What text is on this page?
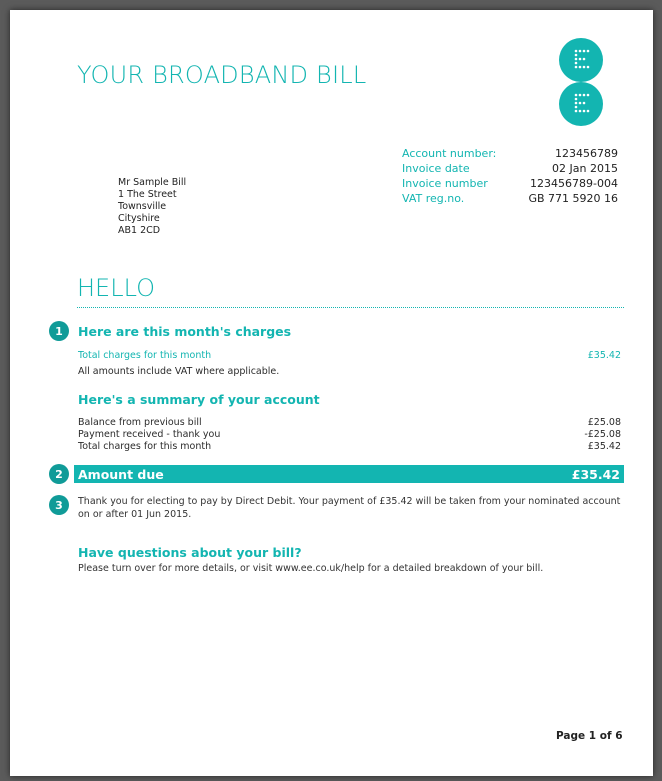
YOUR BROADBAND BILL
Account number:	123456789
Invoice date	02 Jan 2015
Invoice number	123456789-004
VAT reg.no.	GB 771 5920 16
Mr Sample Bill
1 The Street
Townsville
Cityshire
AB1 2CD
HELLO
1	Here are this month's charges
Total charges for this month	£35.42
All amounts include VAT where applicable.
Here's a summary of your account
Balance from previous bill	£25.08
Payment received - thank you	-£25.08
Total charges for this month	£35.42
Amount due	£35.42
2
3	Thank you for electing to pay by Direct Debit. Your payment of £35.42 will be taken from your nominated account on or after 01 Jun 2015.
Have questions about your bill?
Please turn over for more details, or visit www.ee.co.uk/help for a detailed breakdown of your bill.
Page 1 of 6
